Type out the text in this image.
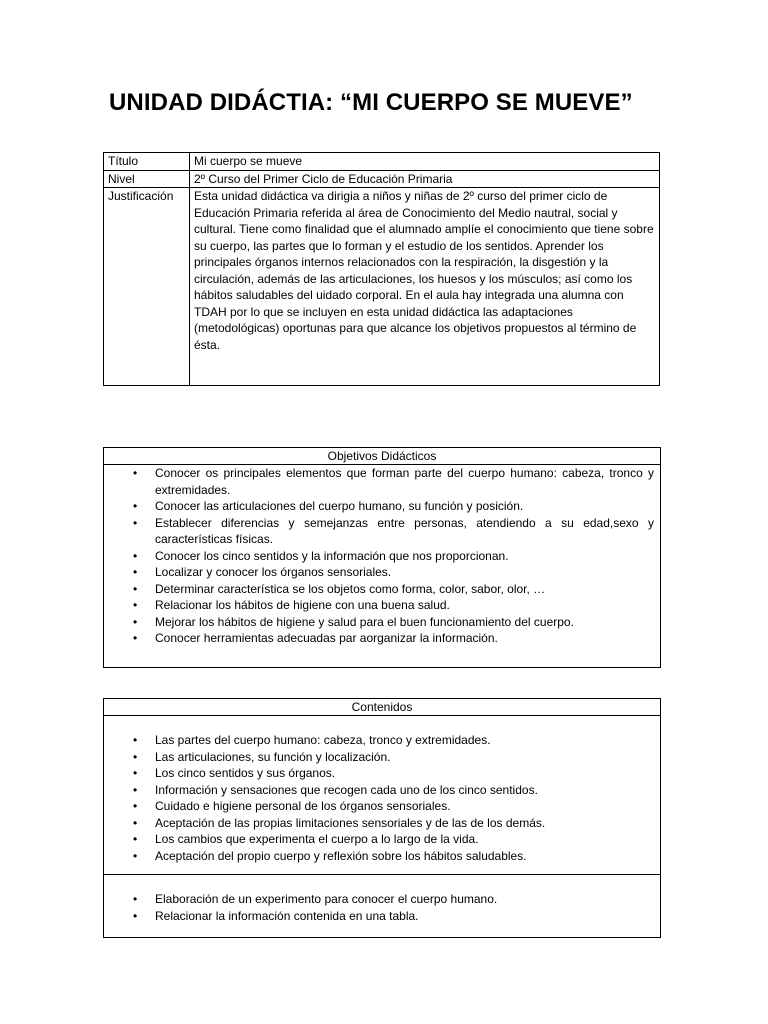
UNIDAD DIDÁCTIA: “MI CUERPO SE MUEVE”
Título	Mi cuerpo se mueve
Nivel	2º Curso del Primer Ciclo de Educación Primaria
Justificación	Esta unidad didáctica va dirigia a niños y niñas de 2º curso del primer ciclo de Educación Primaria referida al área de Conocimiento del Medio nautral, social y cultural. Tiene como finalidad que el alumnado amplíe el conocimiento que tiene sobre su cuerpo, las partes que lo forman y el estudio de los sentidos. Aprender los principales órganos internos relacionados con la respiración, la disgestión y la circulación, además de las articulaciones, los huesos y los músculos; así como los hábitos saludables del uidado corporal. En el aula hay integrada una alumna con TDAH por lo que se incluyen en esta unidad didáctica las adaptaciones (metodológicas) oportunas para que alcance los objetivos propuestos al término de ésta.
Objetivos Didácticos
• Conocer os principales elementos que forman parte del cuerpo humano: cabeza, tronco y extremidades.
• Conocer las articulaciones del cuerpo humano, su función y posición.
• Establecer diferencias y semejanzas entre personas, atendiendo a su edad,sexo y características físicas.
• Conocer los cinco sentidos y la información que nos proporcionan.
• Localizar y conocer los órganos sensoriales.
• Determinar característica se los objetos como forma, color, sabor, olor, …
• Relacionar los hábitos de higiene con una buena salud.
• Mejorar los hábitos de higiene y salud para el buen funcionamiento del cuerpo.
• Conocer herramientas adecuadas par aorganizar la información.
Contenidos
• Las partes del cuerpo humano: cabeza, tronco y extremidades.
• Las articulaciones, su función y localización.
• Los cinco sentidos y sus órganos.
• Información y sensaciones que recogen cada uno de los cinco sentidos.
• Cuidado e higiene personal de los órganos sensoriales.
• Aceptación de las propias limitaciones sensoriales y de las de los demás.
• Los cambios que experimenta el cuerpo a lo largo de la vida.
• Aceptación del propio cuerpo y reflexión sobre los hábitos saludables.
• Elaboración de un experimento para conocer el cuerpo humano.
• Relacionar la información contenida en una tabla.
